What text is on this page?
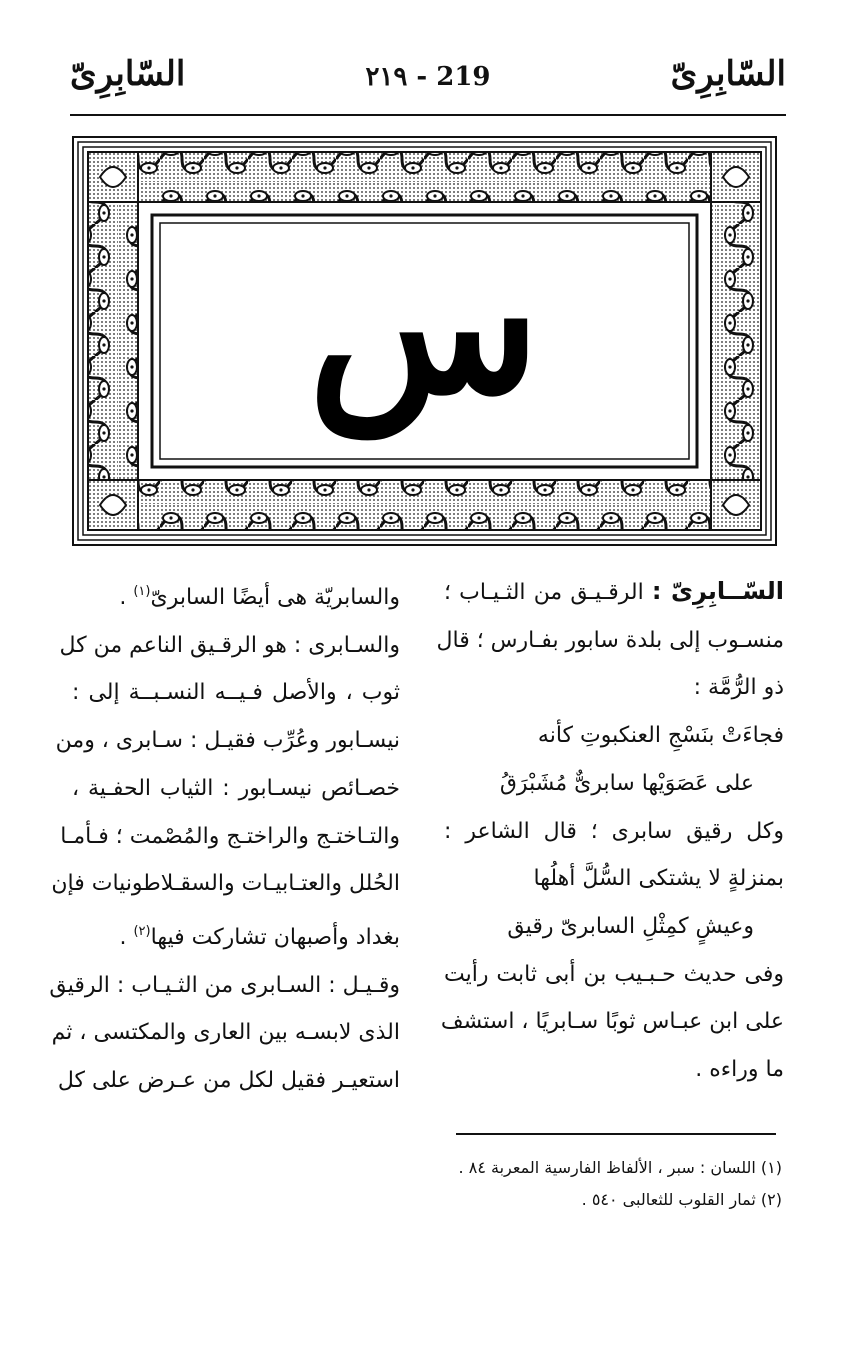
السّابِرِىّ
٢١٩ - 219
السّابِرِىّ
س

السّــابِرِىّ : الرقـيـق من الثـيـاب ؛

منسـوب إلى بلدة سابور بفـارس ؛ قال

ذو الرُّمَّة :

فجاءَتْ بنَسْجِ العنكبوتِ كأنه

على عَصَوَيْها سابرىٌّ مُشَبْرَقُ

وكل رقيق سابرى ؛ قال الشاعر :

بمنزلةٍ لا يشتكى السُّلَّ أهلُها

وعيشٍ كمِثْلِ السابرىّ رقيق

وفى حديث حـبـيب بن أبى ثابت رأيت

على ابن عبـاس ثوبًا سـابريًا ، استشف

ما وراءه .

والسابريّة هى أيضًا السابرىّ$^{(١)}$ .

والسـابرى : هو الرقـيق الناعم من كل

ثوب ، والأصل فـيــه النسـبــة إلى :

نيسـابور وعُرِّب فقيـل : سـابرى ، ومن

خصـائص نيسـابور : الثياب الحفـية ،

والتـاختـج والراختـج والمُصْمت ؛ فـأمـا

الحُلل والعتـابيـات والسقـلاطونيات فإن

بغداد وأصبهان تشاركت فيها$^{(٢)}$ .

وقـيـل : السـابرى من الثـيـاب : الرقيق

الذى لابسـه بين العارى والمكتسى ، ثم

استعيـر فقيل لكل من عـرض على كل

(١) اللسان : سبر ، الألفاظ الفارسية المعربة ٨٤ .

(٢) ثمار القلوب للثعالبى ٥٤٠ .
